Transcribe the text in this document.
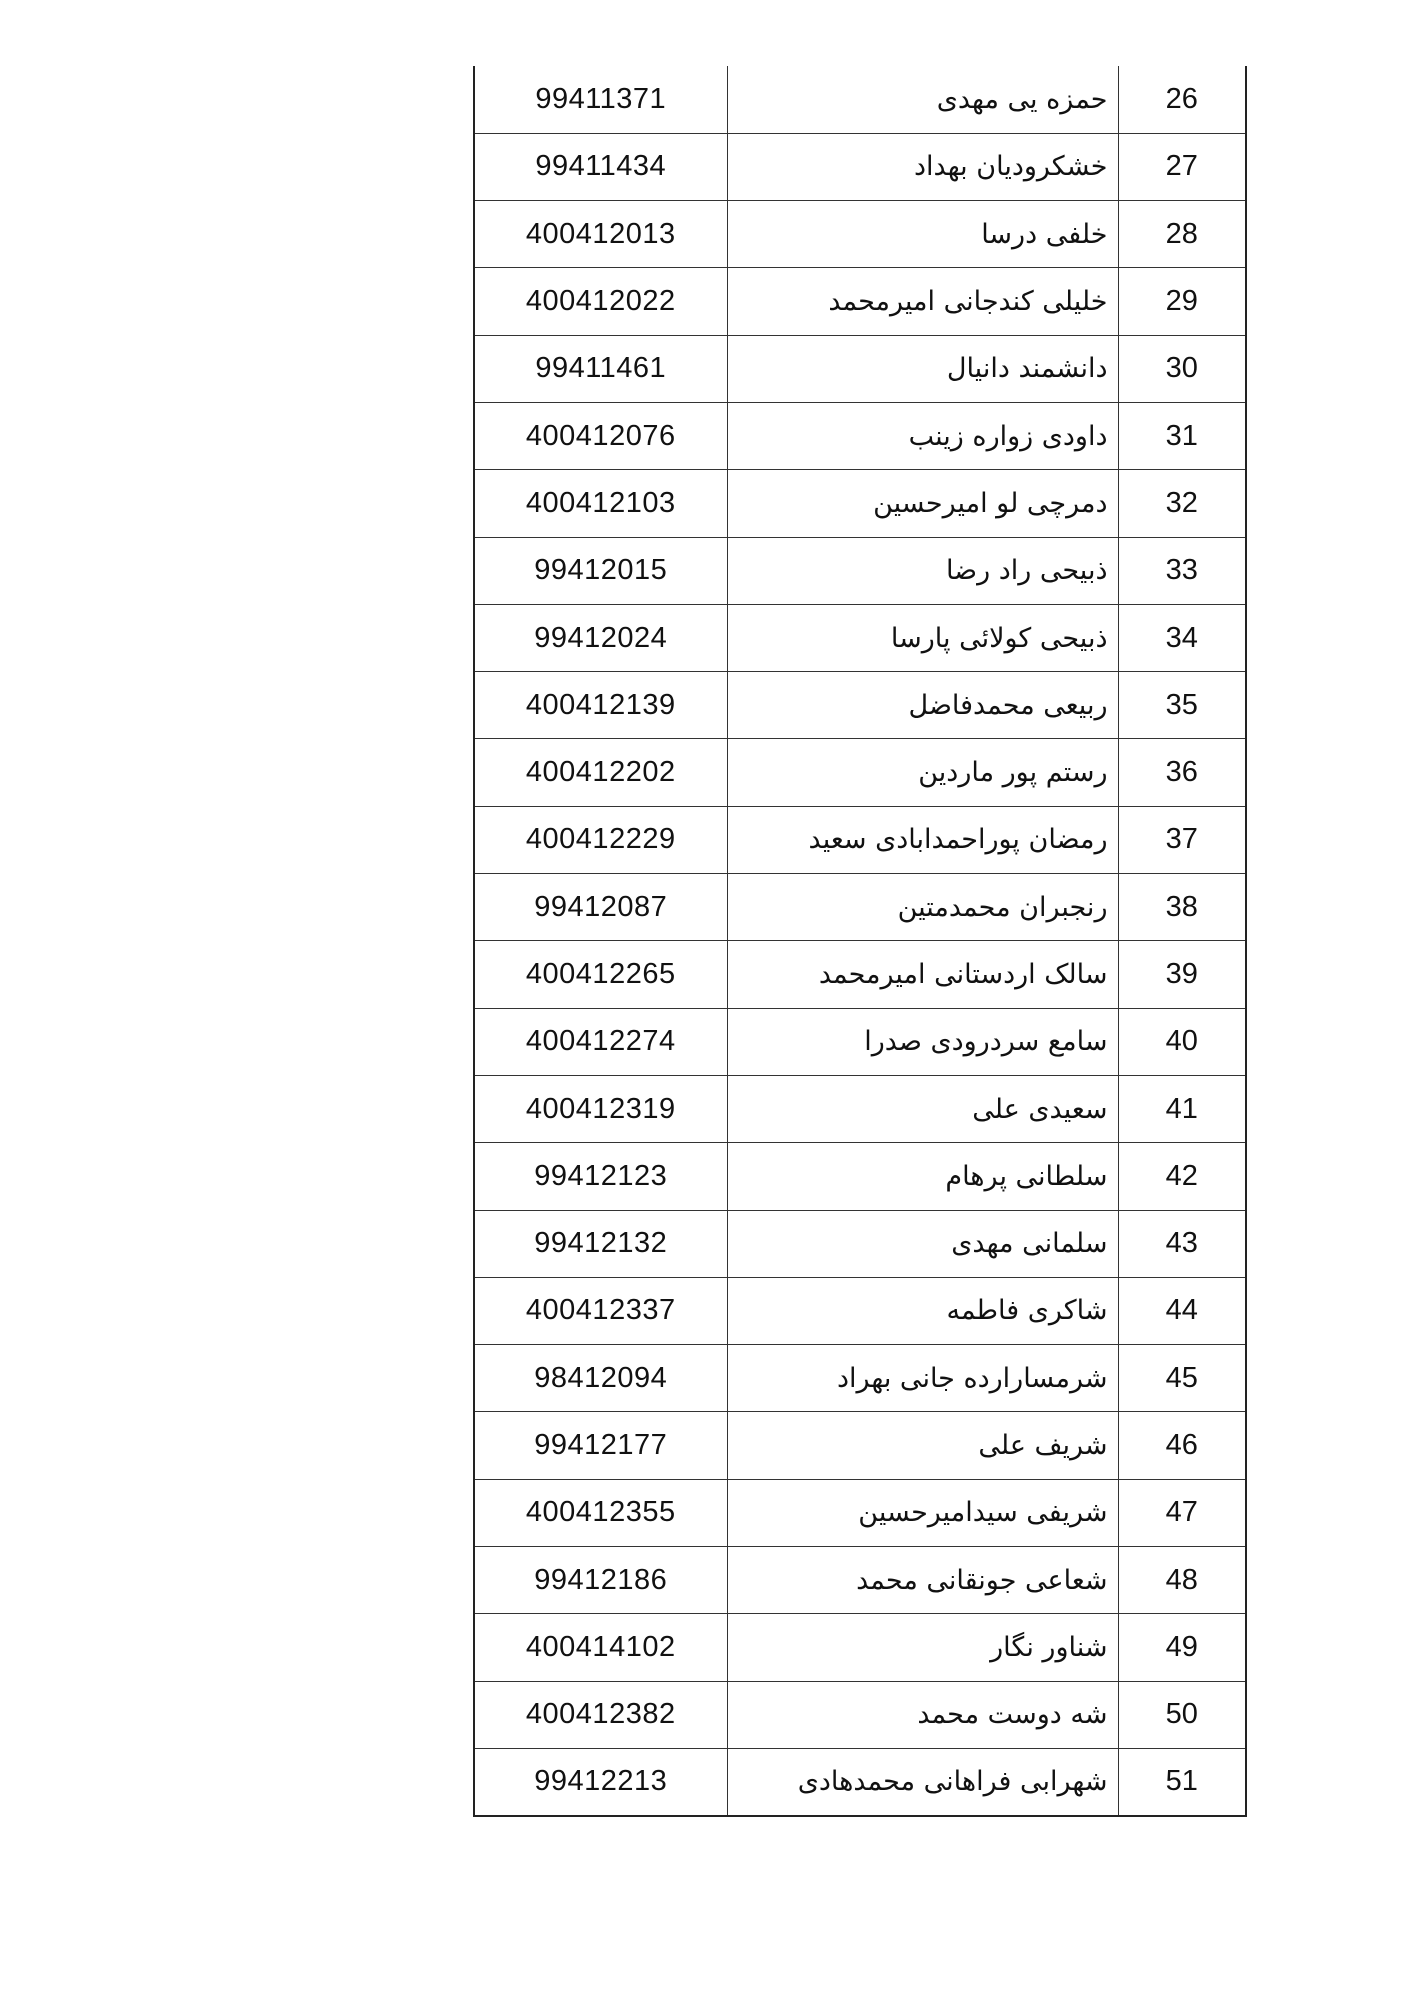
99411371	حمزه یی مهدی	26
99411434	خشکرودیان بهداد	27
400412013	خلفی درسا	28
400412022	خلیلی کندجانی امیرمحمد	29
99411461	دانشمند دانیال	30
400412076	داودی زواره زینب	31
400412103	دمرچی لو امیرحسین	32
99412015	ذبیحی راد رضا	33
99412024	ذبیحی کولائی پارسا	34
400412139	ربیعی محمدفاضل	35
400412202	رستم پور ماردین	36
400412229	رمضان پوراحمدابادی سعید	37
99412087	رنجبران محمدمتین	38
400412265	سالک اردستانی امیرمحمد	39
400412274	سامع سردرودی صدرا	40
400412319	سعیدی علی	41
99412123	سلطانی پرهام	42
99412132	سلمانی مهدی	43
400412337	شاکری فاطمه	44
98412094	شرمسارارده جانی بهراد	45
99412177	شریف علی	46
400412355	شریفی سیدامیرحسین	47
99412186	شعاعی جونقانی محمد	48
400414102	شناور نگار	49
400412382	شه دوست محمد	50
99412213	شهرابی فراهانی محمدهادی	51
